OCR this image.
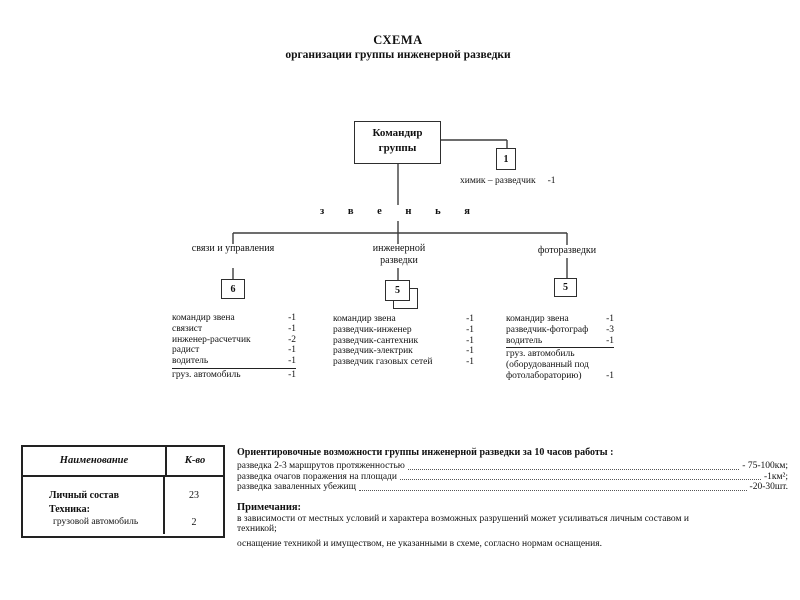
СХЕМА
организации группы инженерной разведки
Командир
группы
1
химик – разведчик -1
з в е н ь я
связи и управления	инженерной разведки
фоторазведки
6	5	5
командир звена	-1
связист	-1
инженер-расчетчик	-2
радист	-1
водитель	-1
груз. автомобиль	-1
командир звена	-1
разведчик-инженер	-1
разведчик-сантехник	-1
разведчик-электрик	-1
разведчик газовых сетей	-1
командир звена	-1
разведчик-фотограф -3
водитель	-1
груз. автомобиль
(оборудованный под
фотолабораторию)	-1
Наименование	К-во
Личный состав	23
Техника:
грузовой автомобиль	2
Ориентировочные возможности группы инженерной разведки за 10 часов работы :
разведка 2-3 маршрутов протяженностью	- 75-100км;
разведка очагов поражения на площади	-1км²;
разведка заваленных убежищ	-20-30шт.
Примечания:
в зависимости от местных условий и характера возможных разрушений может усиливаться личным составом и
техникой;
оснащение техникой и имуществом, не указанными в схеме, согласно нормам оснащения.
